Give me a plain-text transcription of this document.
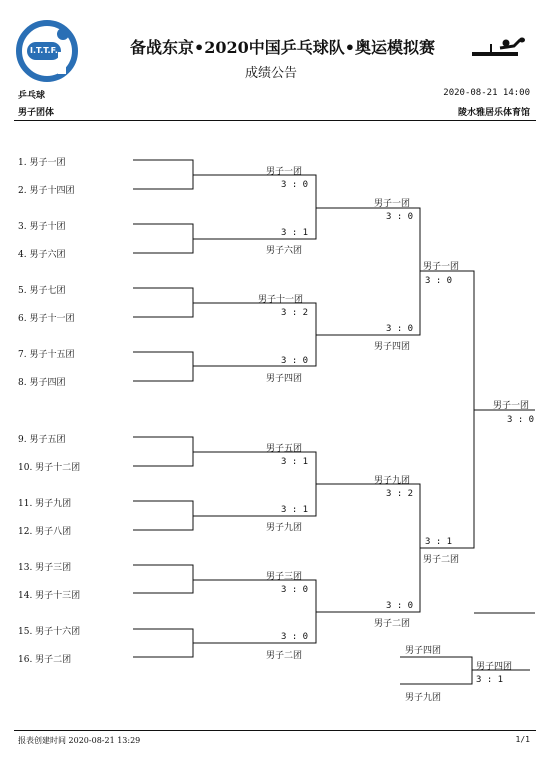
I.T.T.F.	备战东京•2020中国乒乓球队•奥运模拟赛
成绩公告
乒乓球
男子团体
2020-08-21 14:00
陵水雅居乐体育馆
1. 男子一团
2. 男子十四团
3. 男子十团
4. 男子六团
5. 男子七团
6. 男子十一团
7. 男子十五团
8. 男子四团
9. 男子五团
10. 男子十二团
11. 男子九团
12. 男子八团
13. 男子三团
14. 男子十三团
15. 男子十六团
16. 男子二团
男子一团
3 : 0
男子六团
3 : 1
男子十一团
3 : 2
男子四团
3 : 0
男子五团
3 : 1
男子九团
3 : 1
男子三团
3 : 0
男子二团
3 : 0
男子一团
3 : 0
男子四团
3 : 0
男子九团
3 : 2
男子二团
3 : 0
男子一团
3 : 0
男子二团
3 : 1
男子一团
3 : 0
男子四团
男子九团
男子四团
3 : 1
报表创建时间 2020-08-21 13:29	1/1
